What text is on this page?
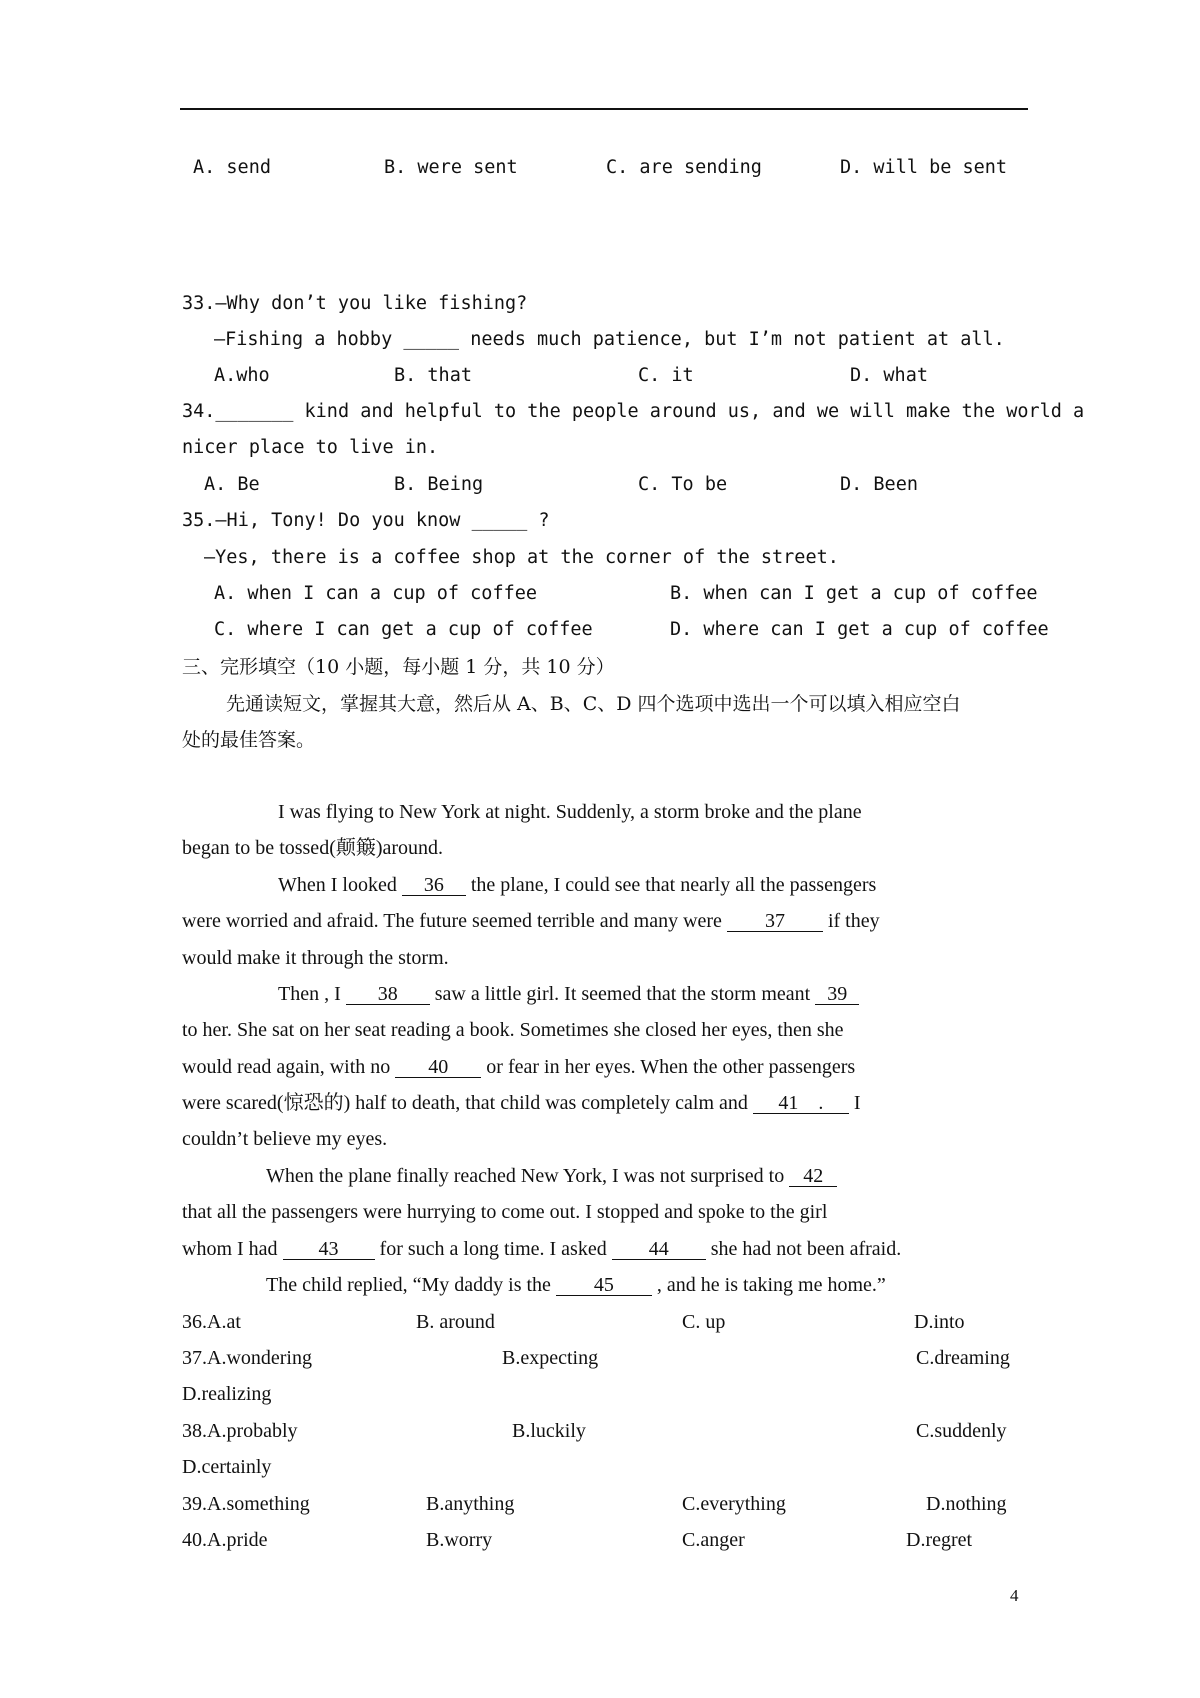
A. send	B. were sent	C. are sending	D. will be sent
33.—Why don’t you like fishing?
—Fishing a hobby _____ needs much patience, but I’m not patient at all.
A.who	B. that	C. it	D. what
34._______ kind and helpful to the people around us, and we will make the world a
nicer place to live in.
A. Be	B. Being	C. To be	D. Been
35.—Hi, Tony! Do you know _____ ?
—Yes, there is a coffee shop at the corner of the street.
A. when I can a cup of coffee	B. when can I get a cup of coffee
C. where I can get a cup of coffee	D. where can I get a cup of coffee
三、完形填空（10 小题，每小题 1 分，共 10 分）
先通读短文，掌握其大意，然后从 A、B、C、D 四个选项中选出一个可以填入相应空白
处的最佳答案。
I was flying to New York at night. Suddenly, a storm broke and the plane
began to be tossed(颠簸)around.
When I looked 36 the plane, I could see that nearly all the passengers
were worried and afraid. The future seemed terrible and many were 37 if they
would make it through the storm.
Then , I 38 saw a little girl. It seemed that the storm meant 39
to her. She sat on her seat reading a book. Sometimes she closed her eyes, then she
would read again, with no 40 or fear in her eyes. When the other passengers
were scared(惊恐的) half to death, that child was completely calm and 41    . I
couldn’t believe my eyes.
When the plane finally reached New York, I was not surprised to 42
that all the passengers were hurrying to come out. I stopped and spoke to the girl
whom I had 43 for such a long time. I asked 44 she had not been afraid.
The child replied, “My daddy is the 45 , and he is taking me home.”
36.A.at	B. around	C. up	D.into
37.A.wondering	B.expecting	C.dreaming
D.realizing
38.A.probably	B.luckily	C.suddenly
D.certainly
39.A.something	B.anything	C.everything	D.nothing
40.A.pride	B.worry	C.anger	D.regret
4
